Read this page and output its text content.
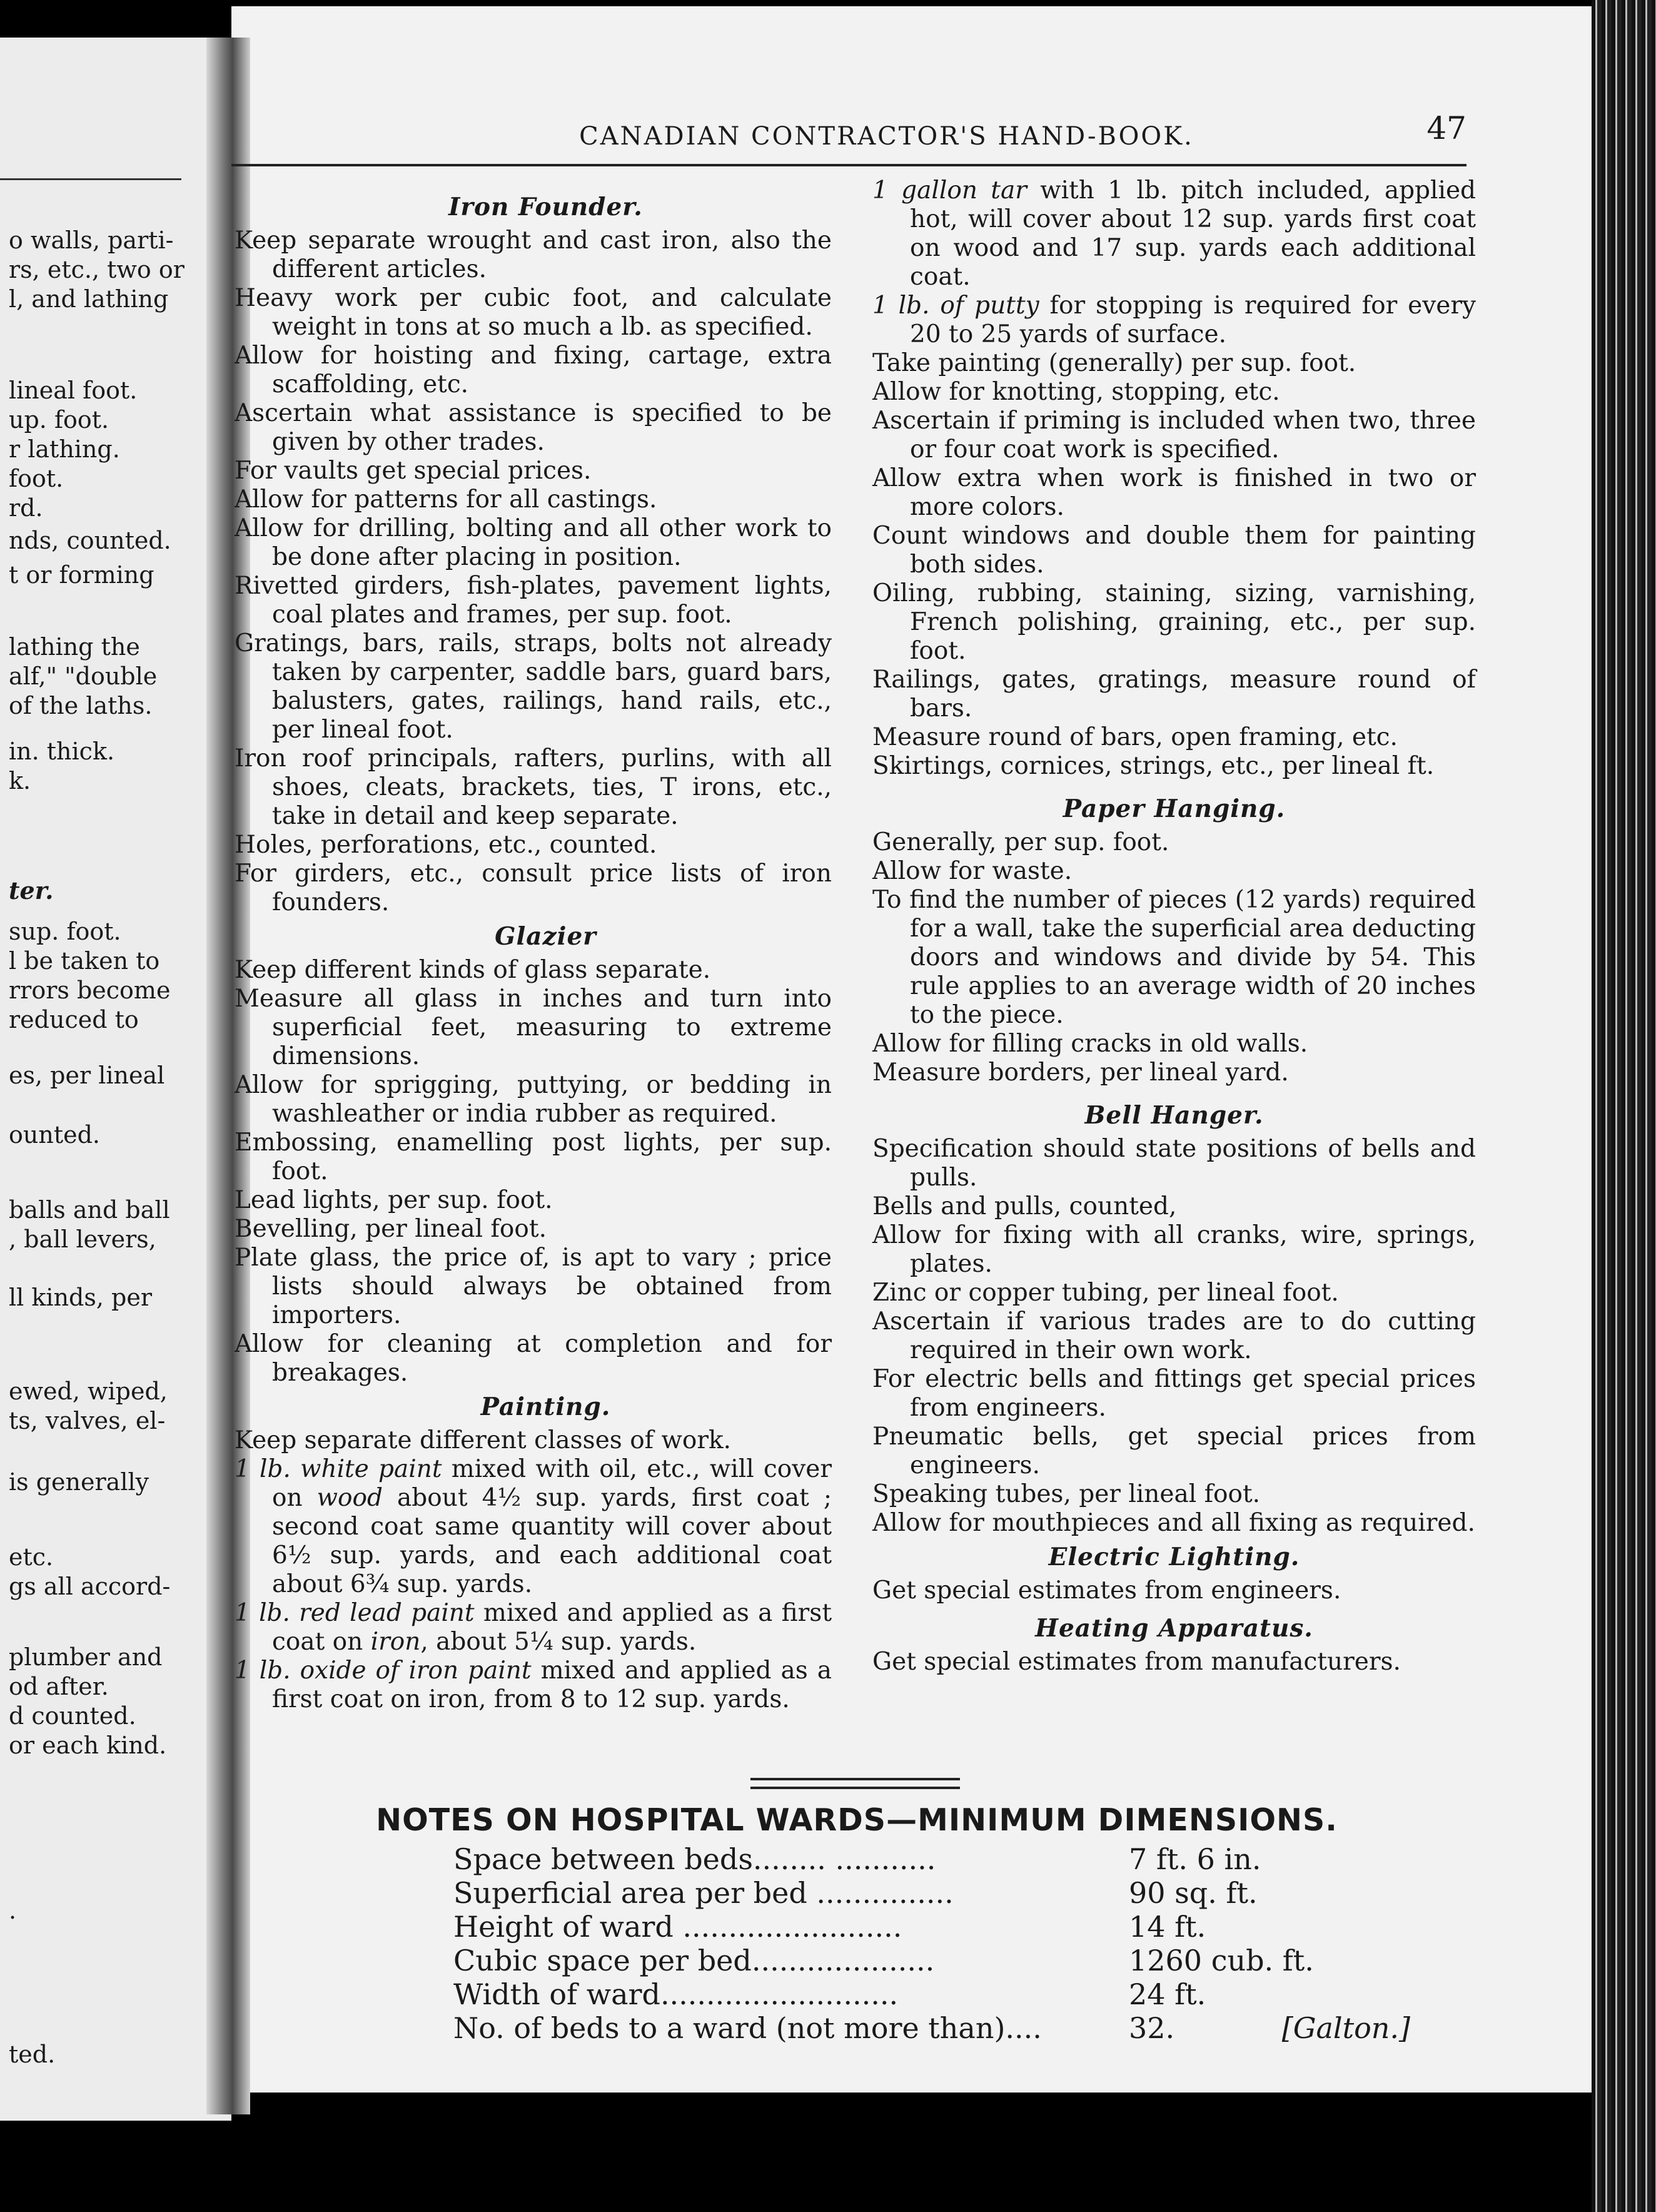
o walls, parti-
rs, etc., two or
l, and lathing
lineal foot.
up. foot.
r lathing.
foot.
rd.
nds, counted.
t or forming
lathing the
alf," "double
of the laths.
in. thick.
k.
ter.
sup. foot.
l be taken to
rrors become
reduced to
es, per lineal
ounted.
balls and ball
, ball levers,
ll kinds, per
ewed, wiped,
ts, valves, el-
is generally
etc.
gs all accord-
plumber and
od after.
d counted.
or each kind.
.
ted.
CANADIAN CONTRACTOR'S HAND-BOOK.	47
Iron Founder.
Keep separate wrought and cast iron, also the different articles.
Heavy work per cubic foot, and calculate weight in tons at so much a lb. as specified.
Allow for hoisting and fixing, cartage, extra scaffolding, etc.
Ascertain what assistance is specified to be given by other trades.
For vaults get special prices.
Allow for patterns for all castings.
Allow for drilling, bolting and all other work to be done after placing in position.
Rivetted girders, fish-plates, pavement lights, coal plates and frames, per sup. foot.
Gratings, bars, rails, straps, bolts not already taken by carpenter, saddle bars, guard bars, balusters, gates, railings, hand rails, etc., per lineal foot.
Iron roof principals, rafters, purlins, with all shoes, cleats, brackets, ties, T irons, etc., take in detail and keep separate.
Holes, perforations, etc., counted.
For girders, etc., consult price lists of iron founders.
Glazier
Keep different kinds of glass separate.
Measure all glass in inches and turn into superficial feet, measuring to extreme dimensions.
Allow for sprigging, puttying, or bedding in washleather or india rubber as required.
Embossing, enamelling post lights, per sup. foot.
Lead lights, per sup. foot.
Bevelling, per lineal foot.
Plate glass, the price of, is apt to vary ; price lists should always be obtained from importers.
Allow for cleaning at completion and for breakages.
Painting.
Keep separate different classes of work.
1 lb. white paint mixed with oil, etc., will cover on wood about 4½ sup. yards, first coat ; second coat same quantity will cover about 6½ sup. yards, and each additional coat about 6¾ sup. yards.
1 lb. red lead paint mixed and applied as a first coat on iron, about 5¼ sup. yards.
1 lb. oxide of iron paint mixed and applied as a first coat on iron, from 8 to 12 sup. yards.
1 gallon tar with 1 lb. pitch included, applied hot, will cover about 12 sup. yards first coat on wood and 17 sup. yards each additional coat.
1 lb. of putty for stopping is required for every 20 to 25 yards of surface.
Take painting (generally) per sup. foot.
Allow for knotting, stopping, etc.
Ascertain if priming is included when two, three or four coat work is specified.
Allow extra when work is finished in two or more colors.
Count windows and double them for painting both sides.
Oiling, rubbing, staining, sizing, varnishing, French polishing, graining, etc., per sup. foot.
Railings, gates, gratings, measure round of bars.
Measure round of bars, open framing, etc.
Skirtings, cornices, strings, etc., per lineal ft.
Paper Hanging.
Generally, per sup. foot.
Allow for waste.
To find the number of pieces (12 yards) required for a wall, take the superficial area deducting doors and windows and divide by 54. This rule applies to an average width of 20 inches to the piece.
Allow for filling cracks in old walls.
Measure borders, per lineal yard.
Bell Hanger.
Specification should state positions of bells and pulls.
Bells and pulls, counted,
Allow for fixing with all cranks, wire, springs, plates.
Zinc or copper tubing, per lineal foot.
Ascertain if various trades are to do cutting required in their own work.
For electric bells and fittings get special prices from engineers.
Pneumatic bells, get special prices from engineers.
Speaking tubes, per lineal foot.
Allow for mouthpieces and all fixing as required.
Electric Lighting.
Get special estimates from engineers.
Heating Apparatus.
Get special estimates from manufacturers.
NOTES ON HOSPITAL WARDS—MINIMUM DIMENSIONS.
Space between beds........ ...........	7 ft. 6 in.
Superficial area per bed ...............	90 sq. ft.
Height of ward ........................	14 ft.
Cubic space per bed....................	1260 cub. ft.
Width of ward..........................	24 ft.
No. of beds to a ward (not more than)....	32.	[Galton.]
